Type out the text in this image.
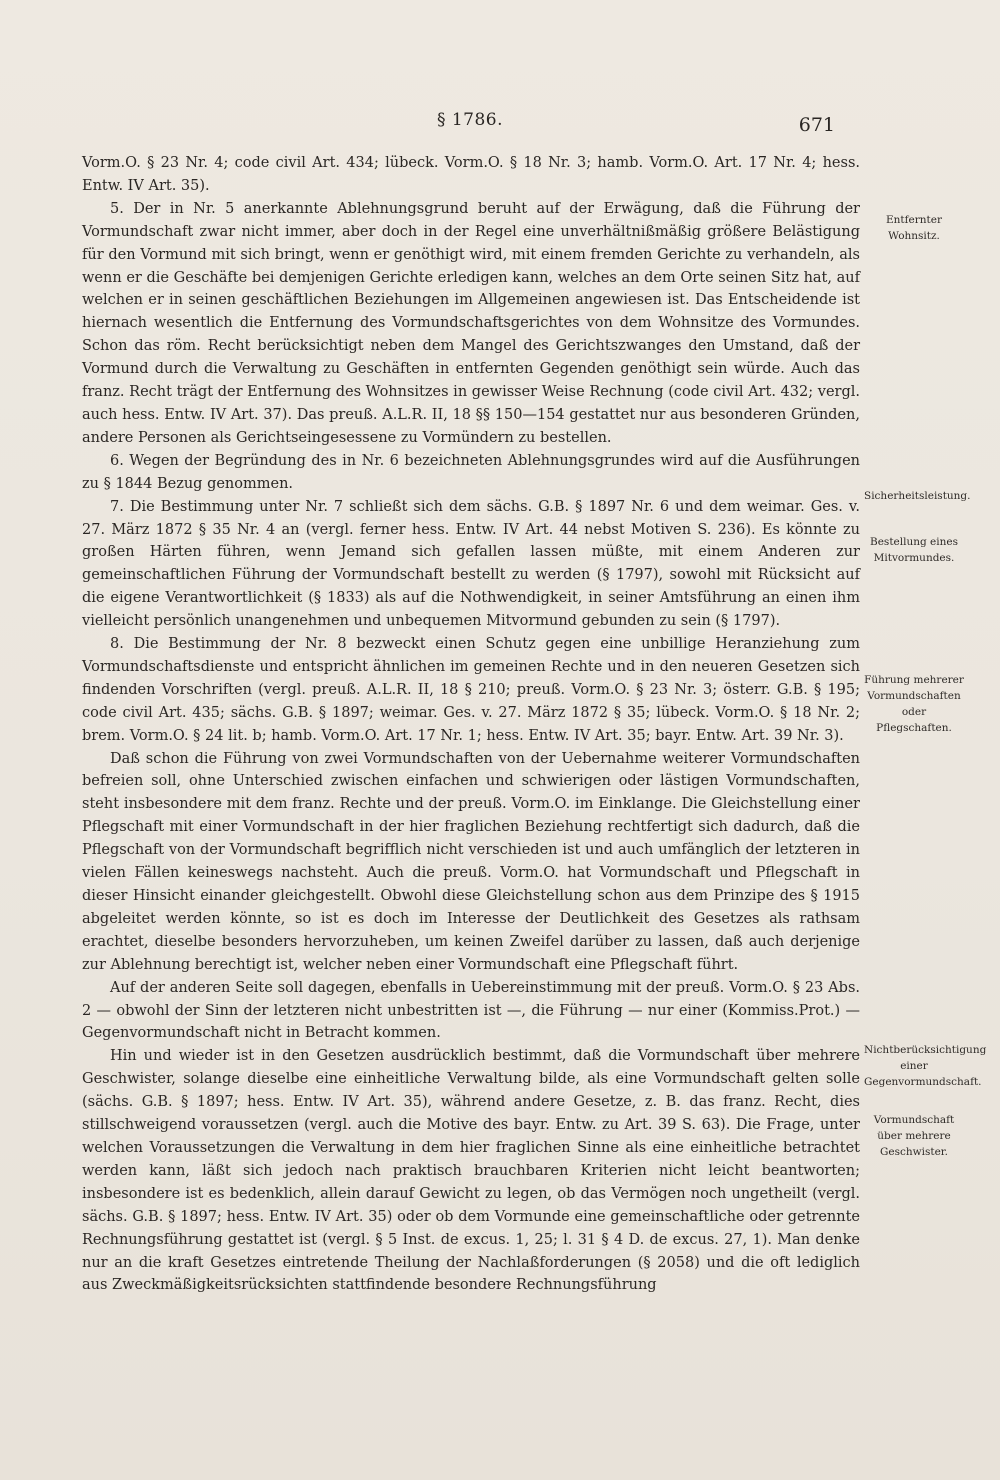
§ 1786.	671

Vorm.O. § 23 Nr. 4; code civil Art. 434; lübeck. Vorm.O. § 18 Nr. 3; hamb. Vorm.O. Art. 17 Nr. 4; hess. Entw. IV Art. 35).

5. Der in Nr. 5 anerkannte Ablehnungsgrund beruht auf der Erwägung, daß die Führung der Vormundschaft zwar nicht immer, aber doch in der Regel eine unverhältnißmäßig größere Belästigung für den Vormund mit sich bringt, wenn er genöthigt wird, mit einem fremden Gerichte zu verhandeln, als wenn er die Geschäfte bei demjenigen Gerichte erledigen kann, welches an dem Orte seinen Sitz hat, auf welchen er in seinen geschäftlichen Beziehungen im Allgemeinen angewiesen ist. Das Entscheidende ist hiernach wesentlich die Entfernung des Vormundschaftsgerichtes von dem Wohnsitze des Vormundes. Schon das röm. Recht berücksichtigt neben dem Mangel des Gerichtszwanges den Umstand, daß der Vormund durch die Verwaltung zu Geschäften in entfernten Gegenden genöthigt sein würde. Auch das franz. Recht trägt der Entfernung des Wohnsitzes in gewisser Weise Rechnung (code civil Art. 432; vergl. auch hess. Entw. IV Art. 37). Das preuß. A.L.R. II, 18 §§ 150—154 gestattet nur aus besonderen Gründen, andere Personen als Gerichtseingesessene zu Vormündern zu bestellen.

6. Wegen der Begründung des in Nr. 6 bezeichneten Ablehnungsgrundes wird auf die Ausführungen zu § 1844 Bezug genommen.

7. Die Bestimmung unter Nr. 7 schließt sich dem sächs. G.B. § 1897 Nr. 6 und dem weimar. Ges. v. 27. März 1872 § 35 Nr. 4 an (vergl. ferner hess. Entw. IV Art. 44 nebst Motiven S. 236). Es könnte zu großen Härten führen, wenn Jemand sich gefallen lassen müßte, mit einem Anderen zur gemeinschaftlichen Führung der Vormundschaft bestellt zu werden (§ 1797), sowohl mit Rücksicht auf die eigene Verantwortlichkeit (§ 1833) als auf die Nothwendigkeit, in seiner Amtsführung an einen ihm vielleicht persönlich unangenehmen und unbequemen Mitvormund gebunden zu sein (§ 1797).

8. Die Bestimmung der Nr. 8 bezweckt einen Schutz gegen eine unbillige Heranziehung zum Vormundschaftsdienste und entspricht ähnlichen im gemeinen Rechte und in den neueren Gesetzen sich findenden Vorschriften (vergl. preuß. A.L.R. II, 18 § 210; preuß. Vorm.O. § 23 Nr. 3; österr. G.B. § 195; code civil Art. 435; sächs. G.B. § 1897; weimar. Ges. v. 27. März 1872 § 35; lübeck. Vorm.O. § 18 Nr. 2; brem. Vorm.O. § 24 lit. b; hamb. Vorm.O. Art. 17 Nr. 1; hess. Entw. IV Art. 35; bayr. Entw. Art. 39 Nr. 3).

Daß schon die Führung von zwei Vormundschaften von der Uebernahme weiterer Vormundschaften befreien soll, ohne Unterschied zwischen einfachen und schwierigen oder lästigen Vormundschaften, steht insbesondere mit dem franz. Rechte und der preuß. Vorm.O. im Einklange. Die Gleichstellung einer Pflegschaft mit einer Vormundschaft in der hier fraglichen Beziehung rechtfertigt sich dadurch, daß die Pflegschaft von der Vormundschaft begrifflich nicht verschieden ist und auch umfänglich der letzteren in vielen Fällen keineswegs nachsteht. Auch die preuß. Vorm.O. hat Vormundschaft und Pflegschaft in dieser Hinsicht einander gleichgestellt. Obwohl diese Gleichstellung schon aus dem Prinzipe des § 1915 abgeleitet werden könnte, so ist es doch im Interesse der Deutlichkeit des Gesetzes als rathsam erachtet, dieselbe besonders hervorzuheben, um keinen Zweifel darüber zu lassen, daß auch derjenige zur Ablehnung berechtigt ist, welcher neben einer Vormundschaft eine Pflegschaft führt.

Auf der anderen Seite soll dagegen, ebenfalls in Uebereinstimmung mit der preuß. Vorm.O. § 23 Abs. 2 — obwohl der Sinn der letzteren nicht unbestritten ist —, die Führung — nur einer (Kommiss.Prot.) — Gegenvormundschaft nicht in Betracht kommen.

Hin und wieder ist in den Gesetzen ausdrücklich bestimmt, daß die Vormundschaft über mehrere Geschwister, solange dieselbe eine einheitliche Verwaltung bilde, als eine Vormundschaft gelten solle (sächs. G.B. § 1897; hess. Entw. IV Art. 35), während andere Gesetze, z. B. das franz. Recht, dies stillschweigend voraussetzen (vergl. auch die Motive des bayr. Entw. zu Art. 39 S. 63). Die Frage, unter welchen Voraussetzungen die Verwaltung in dem hier fraglichen Sinne als eine einheitliche betrachtet werden kann, läßt sich jedoch nach praktisch brauchbaren Kriterien nicht leicht beantworten; insbesondere ist es bedenklich, allein darauf Gewicht zu legen, ob das Vermögen noch ungetheilt (vergl. sächs. G.B. § 1897; hess. Entw. IV Art. 35) oder ob dem Vormunde eine gemeinschaftliche oder getrennte Rechnungsführung gestattet ist (vergl. § 5 Inst. de excus. 1, 25; l. 31 § 4 D. de excus. 27, 1). Man denke nur an die kraft Gesetzes eintretende Theilung der Nachlaßforderungen (§ 2058) und die oft lediglich aus Zweckmäßigkeitsrücksichten stattfindende besondere Rechnungsführung

Entfernter Wohnsitz.
Sicherheitsleistung.
Bestellung eines Mitvormundes.
Führung mehrerer Vormundschaften oder Pflegschaften.
Nichtberücksichtigung einer Gegenvormundschaft.
Vormundschaft über mehrere Geschwister.
